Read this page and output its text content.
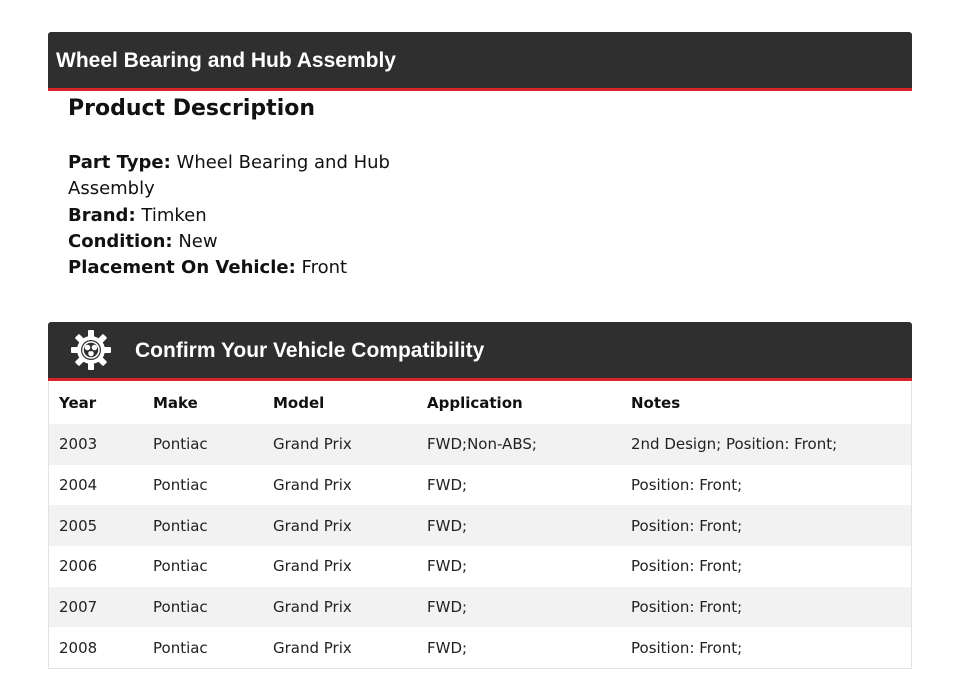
Wheel Bearing and Hub Assembly
Product Description
Part Type: Wheel Bearing and Hub Assembly
Brand: Timken
Condition: New
Placement On Vehicle: Front
Confirm Your Vehicle Compatibility
Year	Make	Model	Application	Notes
2003	Pontiac	Grand Prix	FWD;Non-ABS;	2nd Design; Position: Front;
2004	Pontiac	Grand Prix	FWD;	Position: Front;
2005	Pontiac	Grand Prix	FWD;	Position: Front;
2006	Pontiac	Grand Prix	FWD;	Position: Front;
2007	Pontiac	Grand Prix	FWD;	Position: Front;
2008	Pontiac	Grand Prix	FWD;	Position: Front;
